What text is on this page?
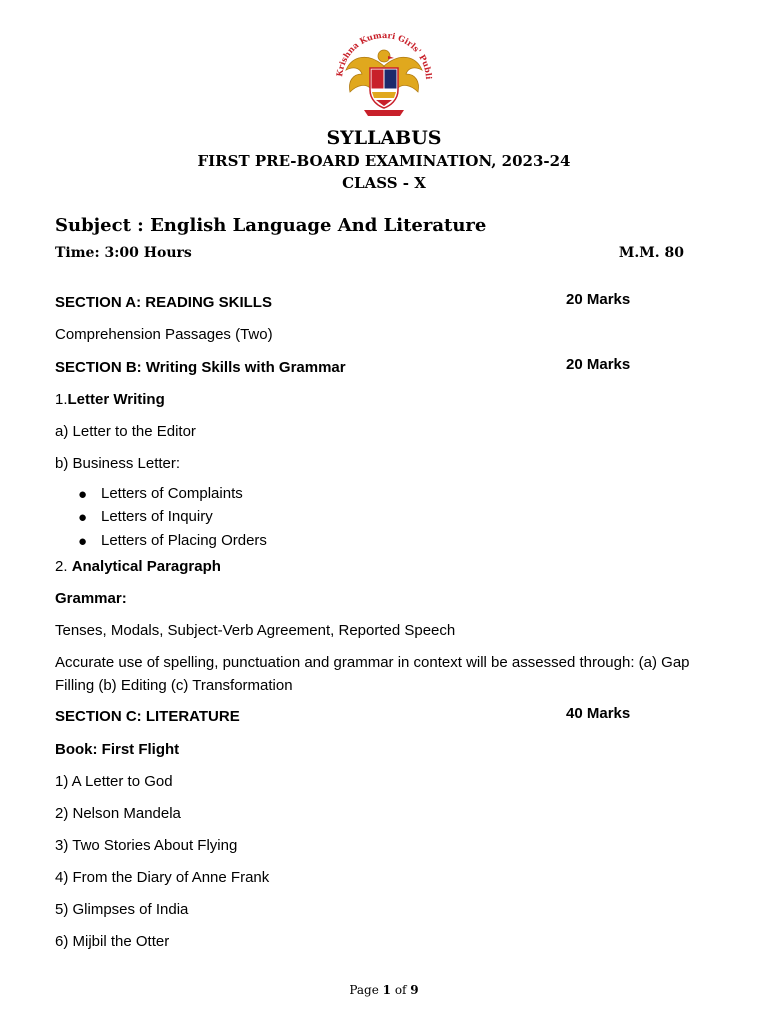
Krishna Kumari Girls' Publi
SYLLABUS
FIRST PRE-BOARD EXAMINATION, 2023-24
CLASS - X
Subject : English Language And Literature
Time: 3:00 Hours	M.M. 80
SECTION A: READING SKILLS	20 Marks
Comprehension Passages (Two)
SECTION B: Writing Skills with Grammar	20 Marks
1.Letter Writing
a) Letter to the Editor
b) Business Letter:
● Letters of Complaints
● Letters of Inquiry
● Letters of Placing Orders
2. Analytical Paragraph
Grammar:
Tenses, Modals, Subject-Verb Agreement, Reported Speech
Accurate use of spelling, punctuation and grammar in context will be assessed through: (a) Gap Filling (b) Editing (c) Transformation
SECTION C: LITERATURE	40 Marks
Book: First Flight
1) A Letter to God
2) Nelson Mandela
3) Two Stories About Flying
4) From the Diary of Anne Frank
5) Glimpses of India
6) Mijbil the Otter
Page 1 of 9
